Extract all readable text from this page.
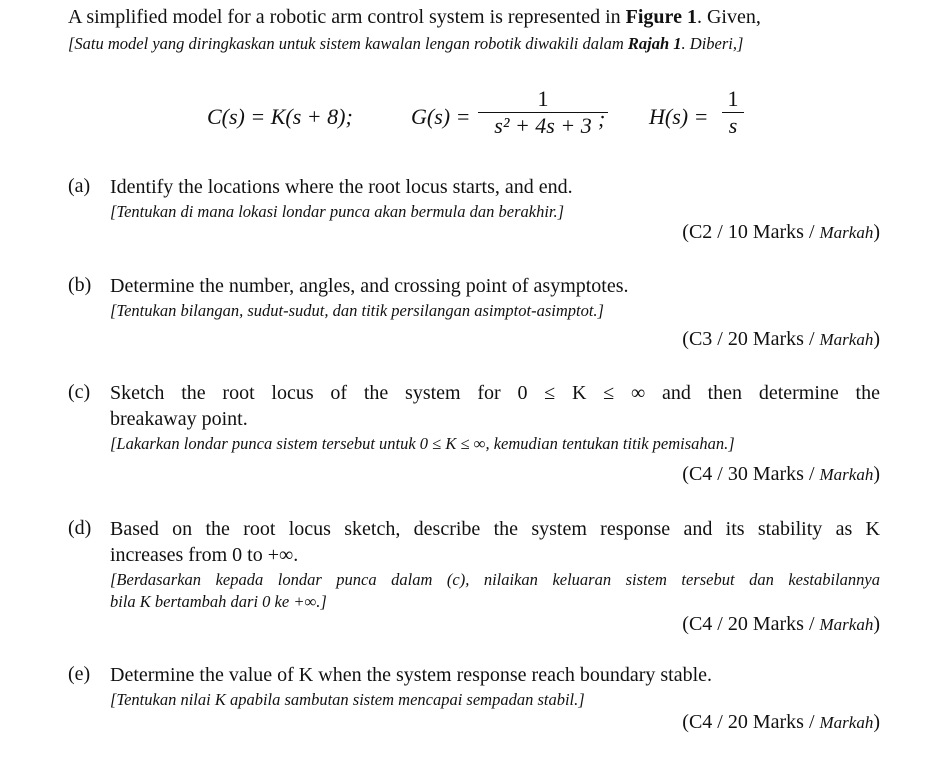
A simplified model for a robotic arm control system is represented in Figure 1. Given,
[Satu model yang diringkaskan untuk sistem kawalan lengan robotik diwakili dalam Rajah 1. Diberi,]
C(s) = K(s + 8);	G(s) =
1
s² + 4s + 3 ; H(s) =
1
s
(a) Identify the locations where the root locus starts, and end.
[Tentukan di mana lokasi londar punca akan bermula dan berakhir.]
(C2 / 10 Marks / Markah)
(b) Determine the number, angles, and crossing point of asymptotes.
[Tentukan bilangan, sudut-sudut, dan titik persilangan asimptot-asimptot.]
(C3 / 20 Marks / Markah)
(c) Sketch the root locus of the system for 0 ≤ K ≤ ∞ and then determine the
breakaway point.
[Lakarkan londar punca sistem tersebut untuk 0 ≤ K ≤ ∞, kemudian tentukan titik pemisahan.]
(C4 / 30 Marks / Markah)
(d) Based on the root locus sketch, describe the system response and its stability as K
increases from 0 to +∞.
[Berdasarkan kepada londar punca dalam (c), nilaikan keluaran sistem tersebut dan kestabilannya
bila K bertambah dari 0 ke +∞.]
(C4 / 20 Marks / Markah)
(e) Determine the value of K when the system response reach boundary stable.
[Tentukan nilai K apabila sambutan sistem mencapai sempadan stabil.]
(C4 / 20 Marks / Markah)
